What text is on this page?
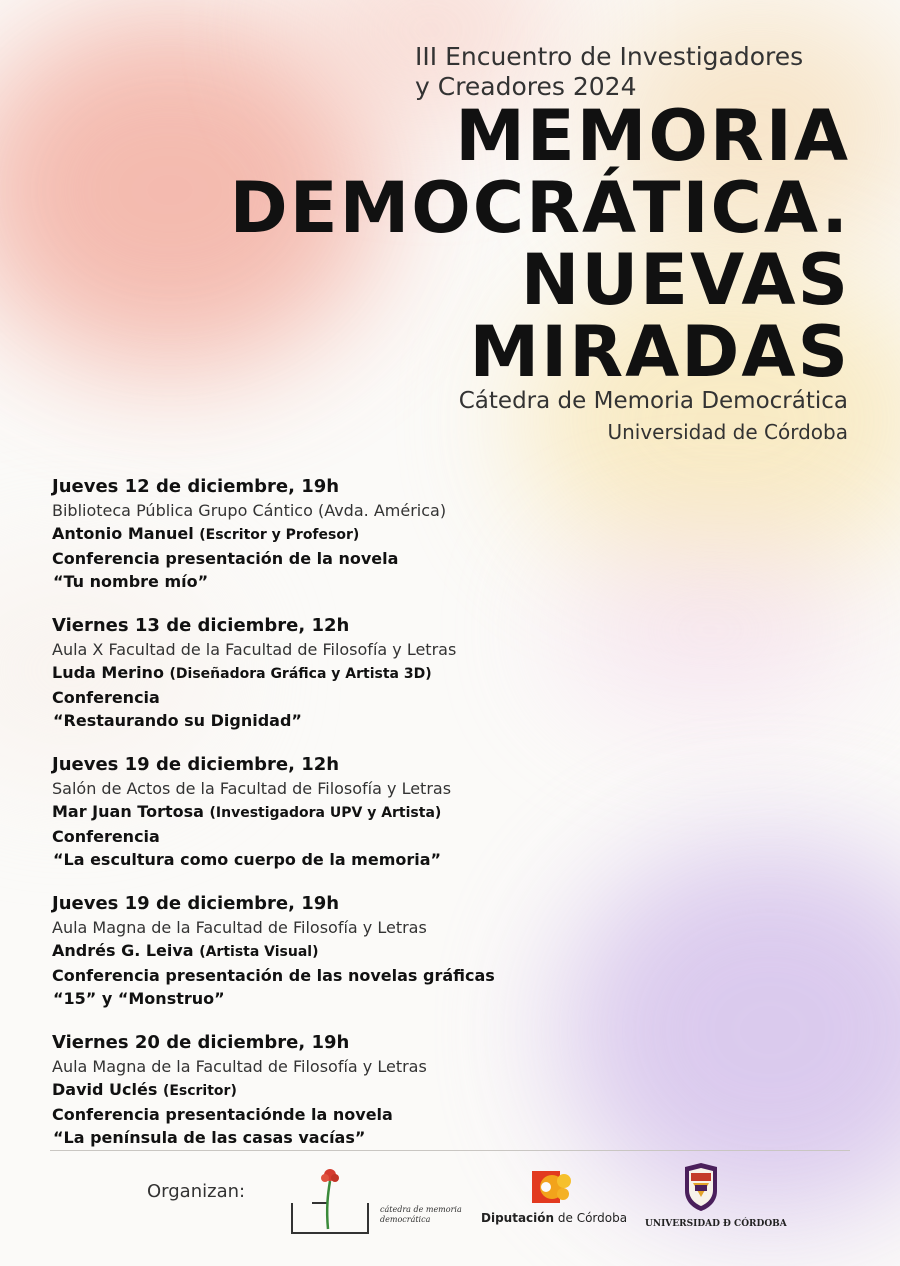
III Encuentro de Investigadores
y Creadores 2024
MEMORIA
DEMOCRÁTICA.
NUEVAS
MIRADAS
Cátedra de Memoria Democrática
Universidad de Córdoba
Jueves 12 de diciembre, 19h
Biblioteca Pública Grupo Cántico (Avda. América)
Antonio Manuel (Escritor y Profesor)
Conferencia presentación de la novela
“Tu nombre mío”
Viernes 13 de diciembre, 12h
Aula X Facultad de la Facultad de Filosofía y Letras
Luda Merino (Diseñadora Gráfica y Artista 3D)
Conferencia
“Restaurando su Dignidad”
Jueves 19 de diciembre, 12h
Salón de Actos de la Facultad de Filosofía y Letras
Mar Juan Tortosa (Investigadora UPV y Artista)
Conferencia
“La escultura como cuerpo de la memoria”
Jueves 19 de diciembre, 19h
Aula Magna de la Facultad de Filosofía y Letras
Andrés G. Leiva (Artista Visual)
Conferencia presentación de las novelas gráficas
“15” y “Monstruo”
Viernes 20 de diciembre, 19h
Aula Magna de la Facultad de Filosofía y Letras
David Uclés (Escritor)
Conferencia presentaciónde la novela
“La península de las casas vacías”
Organizan:
cátedra de memoria democrática	Diputación de Córdoba UNIVERSIDAD Ð CÓRDOBA
